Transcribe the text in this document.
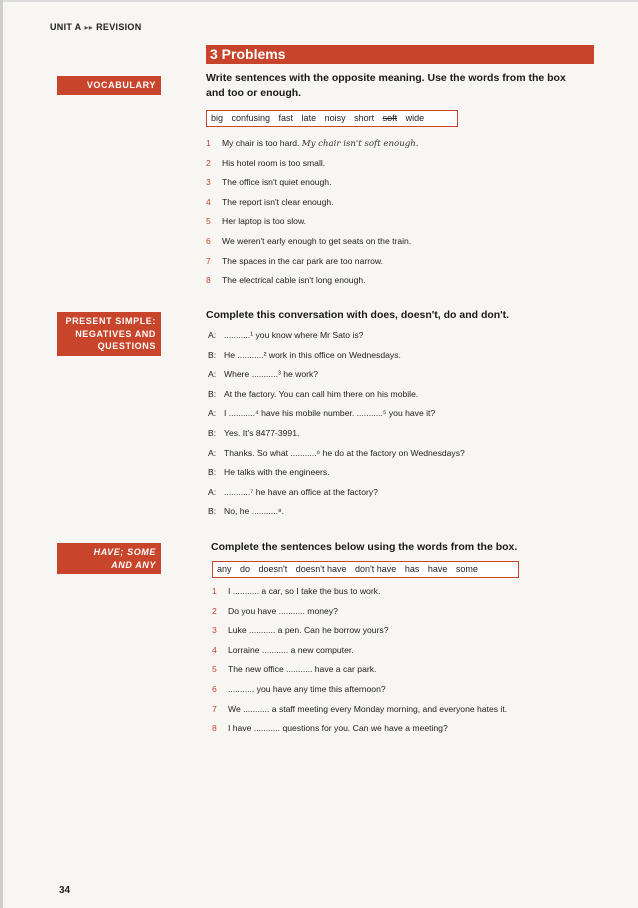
UNIT A ▸▸ REVISION
VOCABULARY
PRESENT SIMPLE:
NEGATIVES AND
QUESTIONS
HAVE; SOME
AND ANY
3 Problems
Write sentences with the opposite meaning. Use the words from the box
and too or enough.
big confusing fast late noisy short soft wide
1 My chair is too hard. My chair isn't soft enough.
2 His hotel room is too small.
3 The office isn't quiet enough.
4 The report isn't clear enough.
5 Her laptop is too slow.
6 We weren't early enough to get seats on the train.
7 The spaces in the car park are too narrow.
8 The electrical cable isn't long enough.
Complete this conversation with does, doesn't, do and don't.
A: ...........¹ you know where Mr Sato is?
B: He ...........² work in this office on Wednesdays.
A: Where ...........³ he work?
B: At the factory. You can call him there on his mobile.
A: I ...........⁴ have his mobile number. ...........⁵ you have it?
B: Yes. It's 8477-3991.
A: Thanks. So what ...........⁶ he do at the factory on Wednesdays?
B: He talks with the engineers.
A: ...........⁷ he have an office at the factory?
B: No, he ...........⁸.
Complete the sentences below using the words from the box.
any do doesn't doesn't have don't have has have some
1 I ........... a car, so I take the bus to work.
2 Do you have ........... money?
3 Luke ........... a pen. Can he borrow yours?
4 Lorraine ........... a new computer.
5 The new office ........... have a car park.
6 ........... you have any time this afternoon?
7 We ........... a staff meeting every Monday morning, and everyone hates it.
8 I have ........... questions for you. Can we have a meeting?
34
